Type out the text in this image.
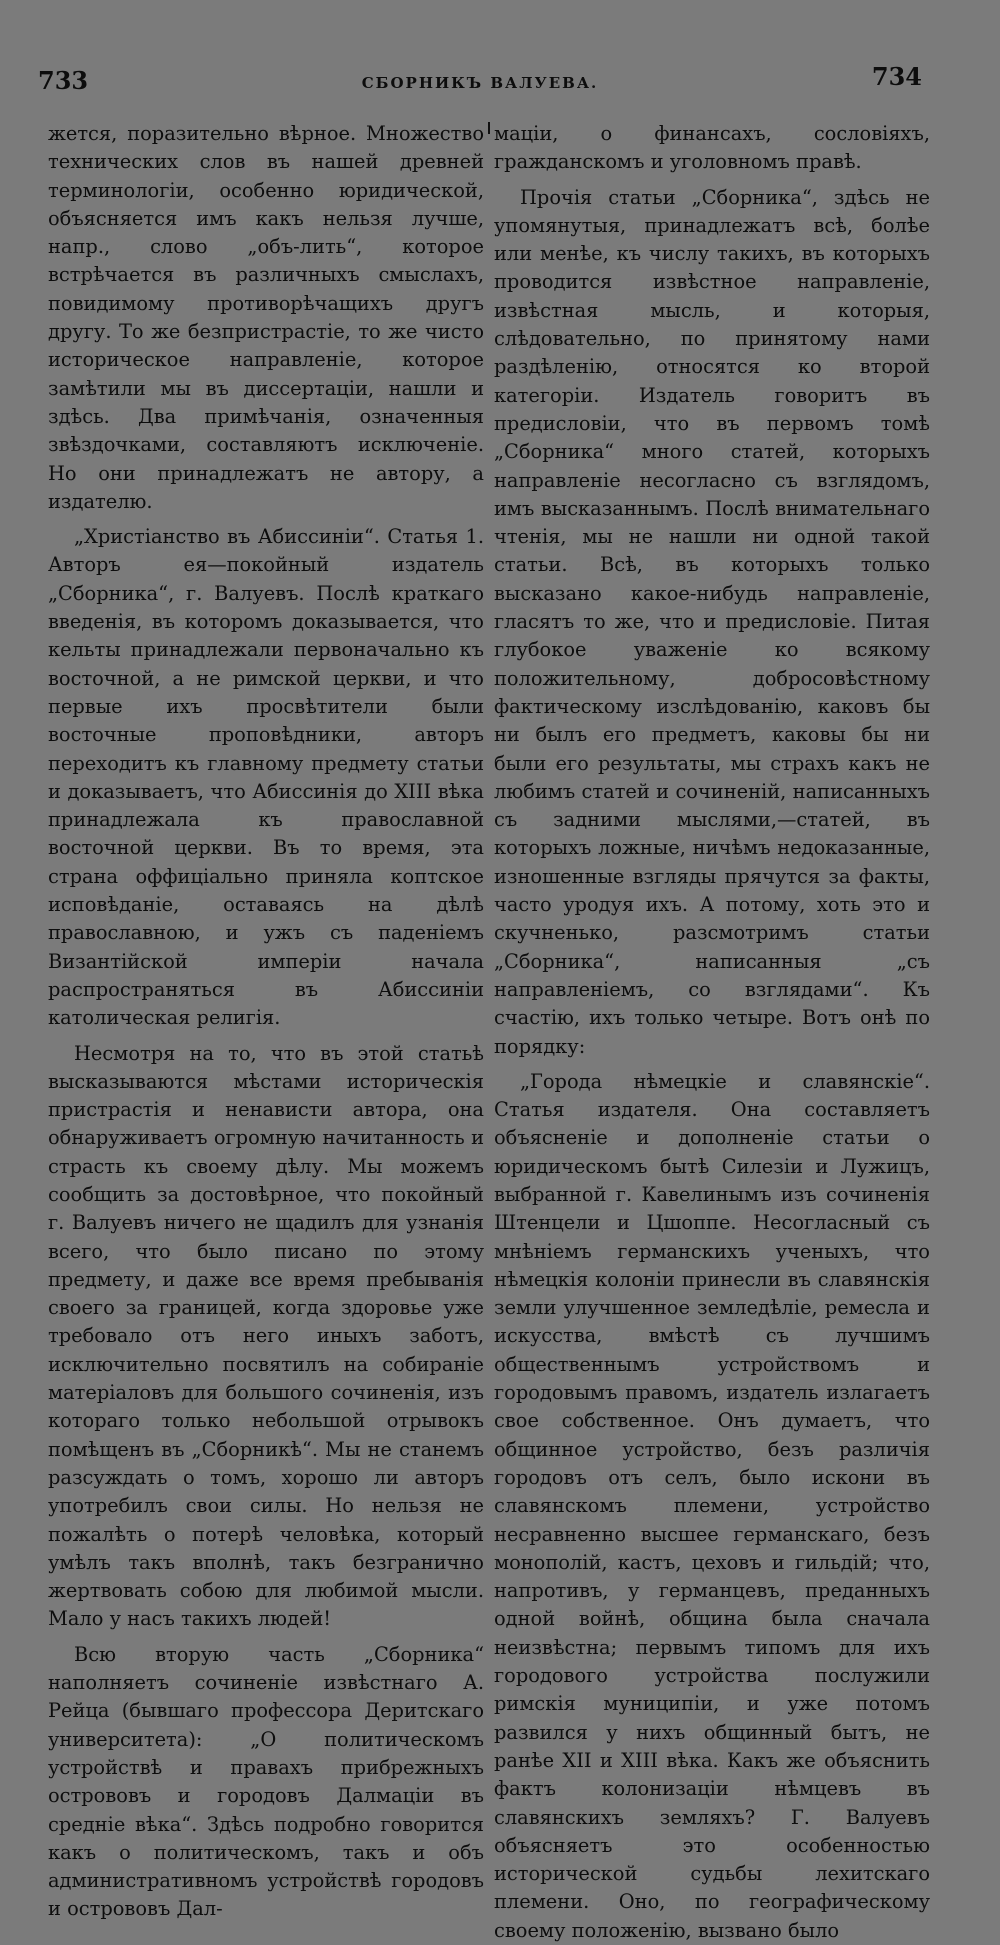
733	СБОРНИКЪ ВАЛУЕВА.	734

жется, поразительно вѣрное. Множество технических слов въ нашей древней терминологіи, особенно юридической, объясняется имъ какъ нельзя лучше, напр., слово „объ-лить“, которое встрѣчается въ различныхъ смыслахъ, повидимому противорѣчащихъ другъ другу. То же безпристрастіе, то же чисто историческое направленіе, которое замѣтили мы въ диссертаціи, нашли и здѣсь. Два примѣчанія, означенныя звѣздочками, составляютъ исключеніе. Но они принадлежатъ не автору, а издателю.

„Христіанство въ Абиссиніи“. Статья 1. Авторъ ея—покойный издатель „Сборника“, г. Валуевъ. Послѣ краткаго введенія, въ которомъ доказывается, что кельты принадлежали первоначально къ восточной, а не римской церкви, и что первые ихъ просвѣтители были восточные проповѣдники, авторъ переходитъ къ главному предмету статьи и доказываетъ, что Абиссинія до XIII вѣка принадлежала къ православной восточной церкви. Въ то время, эта страна оффиціально приняла коптское исповѣданіе, оставаясь на дѣлѣ православною, и ужъ съ паденіемъ Византійской имперіи начала распространяться въ Абиссиніи католическая религія.

Несмотря на то, что въ этой статьѣ высказываются мѣстами историческія пристрастія и ненависти автора, она обнаруживаетъ огромную начитанность и страсть къ своему дѣлу. Мы можемъ сообщить за достовѣрное, что покойный г. Валуевъ ничего не щадилъ для узнанія всего, что было писано по этому предмету, и даже все время пребыванія своего за границей, когда здоровье уже требовало отъ него иныхъ заботъ, исключительно посвятилъ на собираніе матеріаловъ для большого сочиненія, изъ котораго только небольшой отрывокъ помѣщенъ въ „Сборникѣ“. Мы не станемъ разсуждать о томъ, хорошо ли авторъ употребилъ свои силы. Но нельзя не пожалѣть о потерѣ человѣка, который умѣлъ такъ вполнѣ, такъ безгранично жертвовать собою для любимой мысли. Мало у насъ такихъ людей!

Всю вторую часть „Сборника“ наполняетъ сочиненіе извѣстнаго А. Рейца (бывшаго профессора Деритскаго университета): „О политическомъ устройствѣ и правахъ прибрежныхъ острововъ и городовъ Далмаціи въ средніе вѣка“. Здѣсь подробно говорится какъ о политическомъ, такъ и объ административномъ устройствѣ городовъ и острововъ Дал-

маціи, о финансахъ, сословіяхъ, гражданскомъ и уголовномъ правѣ.

Прочія статьи „Сборника“, здѣсь не упомянутыя, принадлежатъ всѣ, болѣе или менѣе, къ числу такихъ, въ которыхъ проводится извѣстное направленіе, извѣстная мысль, и которыя, слѣдовательно, по принятому нами раздѣленію, относятся ко второй категоріи. Издатель говоритъ въ предисловіи, что въ первомъ томѣ „Сборника“ много статей, которыхъ направленіе несогласно съ взглядомъ, имъ высказаннымъ. Послѣ внимательнаго чтенія, мы не нашли ни одной такой статьи. Всѣ, въ которыхъ только высказано какое-нибудь направленіе, гласятъ то же, что и предисловіе. Питая глубокое уваженіе ко всякому положительному, добросовѣстному фактическому изслѣдованію, каковъ бы ни былъ его предметъ, каковы бы ни были его результаты, мы страхъ какъ не любимъ статей и сочиненій, написанныхъ съ задними мыслями,—статей, въ которыхъ ложные, ничѣмъ недоказанные, изношенные взгляды прячутся за факты, часто уродуя ихъ. А потому, хоть это и скучненько, разсмотримъ статьи „Сборника“, написанныя „съ направленіемъ, со взглядами“. Къ счастію, ихъ только четыре. Вотъ онѣ по порядку:

„Города нѣмецкіе и славянскіе“. Статья издателя. Она составляетъ объясненіе и дополненіе статьи о юридическомъ бытѣ Силезіи и Лужицъ, выбранной г. Кавелинымъ изъ сочиненія Штенцели и Цшоппе. Несогласный съ мнѣніемъ германскихъ ученыхъ, что нѣмецкія колоніи принесли въ славянскія земли улучшенное земледѣліе, ремесла и искусства, вмѣстѣ съ лучшимъ общественнымъ устройствомъ и городовымъ правомъ, издатель излагаетъ свое собственное. Онъ думаетъ, что общинное устройство, безъ различія городовъ отъ селъ, было искони въ славянскомъ племени, устройство несравненно высшее германскаго, безъ монополій, кастъ, цеховъ и гильдій; что, напротивъ, у германцевъ, преданныхъ одной войнѣ, община была сначала неизвѣстна; первымъ типомъ для ихъ городового устройства послужили римскія муниципіи, и уже потомъ развился у нихъ общинный бытъ, не ранѣе XII и XIII вѣка. Какъ же объяснить фактъ колонизаціи нѣмцевъ въ славянскихъ земляхъ? Г. Валуевъ объясняетъ это особенностью исторической судьбы лехитскаго племени. Оно, по географическому своему положенію, вызвано было
